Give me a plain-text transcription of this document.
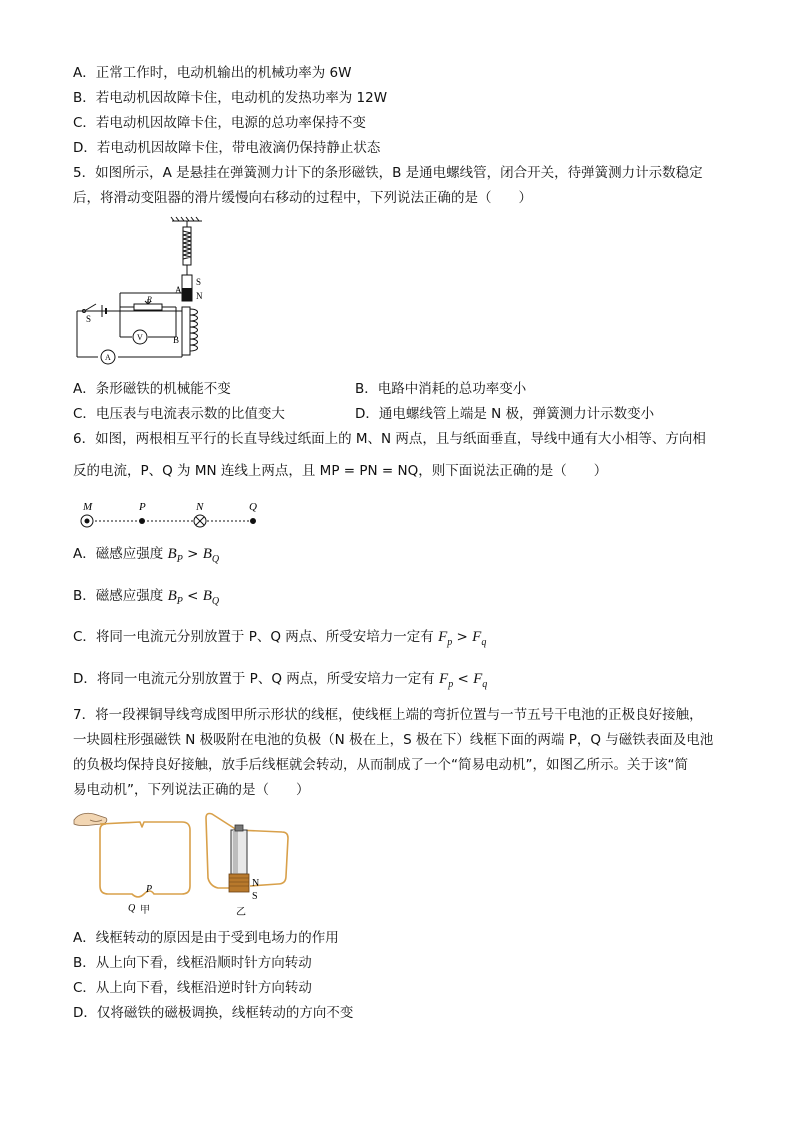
A．正常工作时，电动机输出的机械功率为 6W
B．若电动机因故障卡住，电动机的发热功率为 12W
C．若电动机因故障卡住，电源的总功率保持不变
D．若电动机因故障卡住，带电液滴仍保持静止状态
5．如图所示，A 是悬挂在弹簧测力计下的条形磁铁，B 是通电螺线管，闭合开关，待弹簧测力计示数稳定
后，将滑动变阻器的滑片缓慢向右移动的过程中，下列说法正确的是（　　）
A
S
N
B
S
R
V
A
A．条形磁铁的机械能不变	B．电路中消耗的总功率变小
C．电压表与电流表示数的比值变大	D．通电螺线管上端是 N 极，弹簧测力计示数变小
6．如图，两根相互平行的长直导线过纸面上的 M、N 两点，且与纸面垂直，导线中通有大小相等、方向相
反的电流，P、Q 为 MN 连线上两点，且 MP = PN = NQ，则下面说法正确的是（　　）
M	P	N	Q
A．磁感应强度 $B_P > B_Q$
B．磁感应强度 $B_P < B_Q$
C．将同一电流元分别放置于 P、Q 两点、所受安培力一定有 $F_p > F_q$
D．将同一电流元分别放置于 P、Q 两点，所受安培力一定有 $F_p < F_q$
7．将一段裸铜导线弯成图甲所示形状的线框，使线框上端的弯折位置与一节五号干电池的正极良好接触，
一块圆柱形强磁铁 N 极吸附在电池的负极（N 极在上，S 极在下）线框下面的两端 P，Q 与磁铁表面及电池
的负极均保持良好接触，放手后线框就会转动，从而制成了一个“简易电动机”，如图乙所示。关于该“简
易电动机”，下列说法正确的是（　　）
P
Q 甲
N
S
乙
A．线框转动的原因是由于受到电场力的作用
B．从上向下看，线框沿顺时针方向转动
C．从上向下看，线框沿逆时针方向转动
D．仅将磁铁的磁极调换，线框转动的方向不变
